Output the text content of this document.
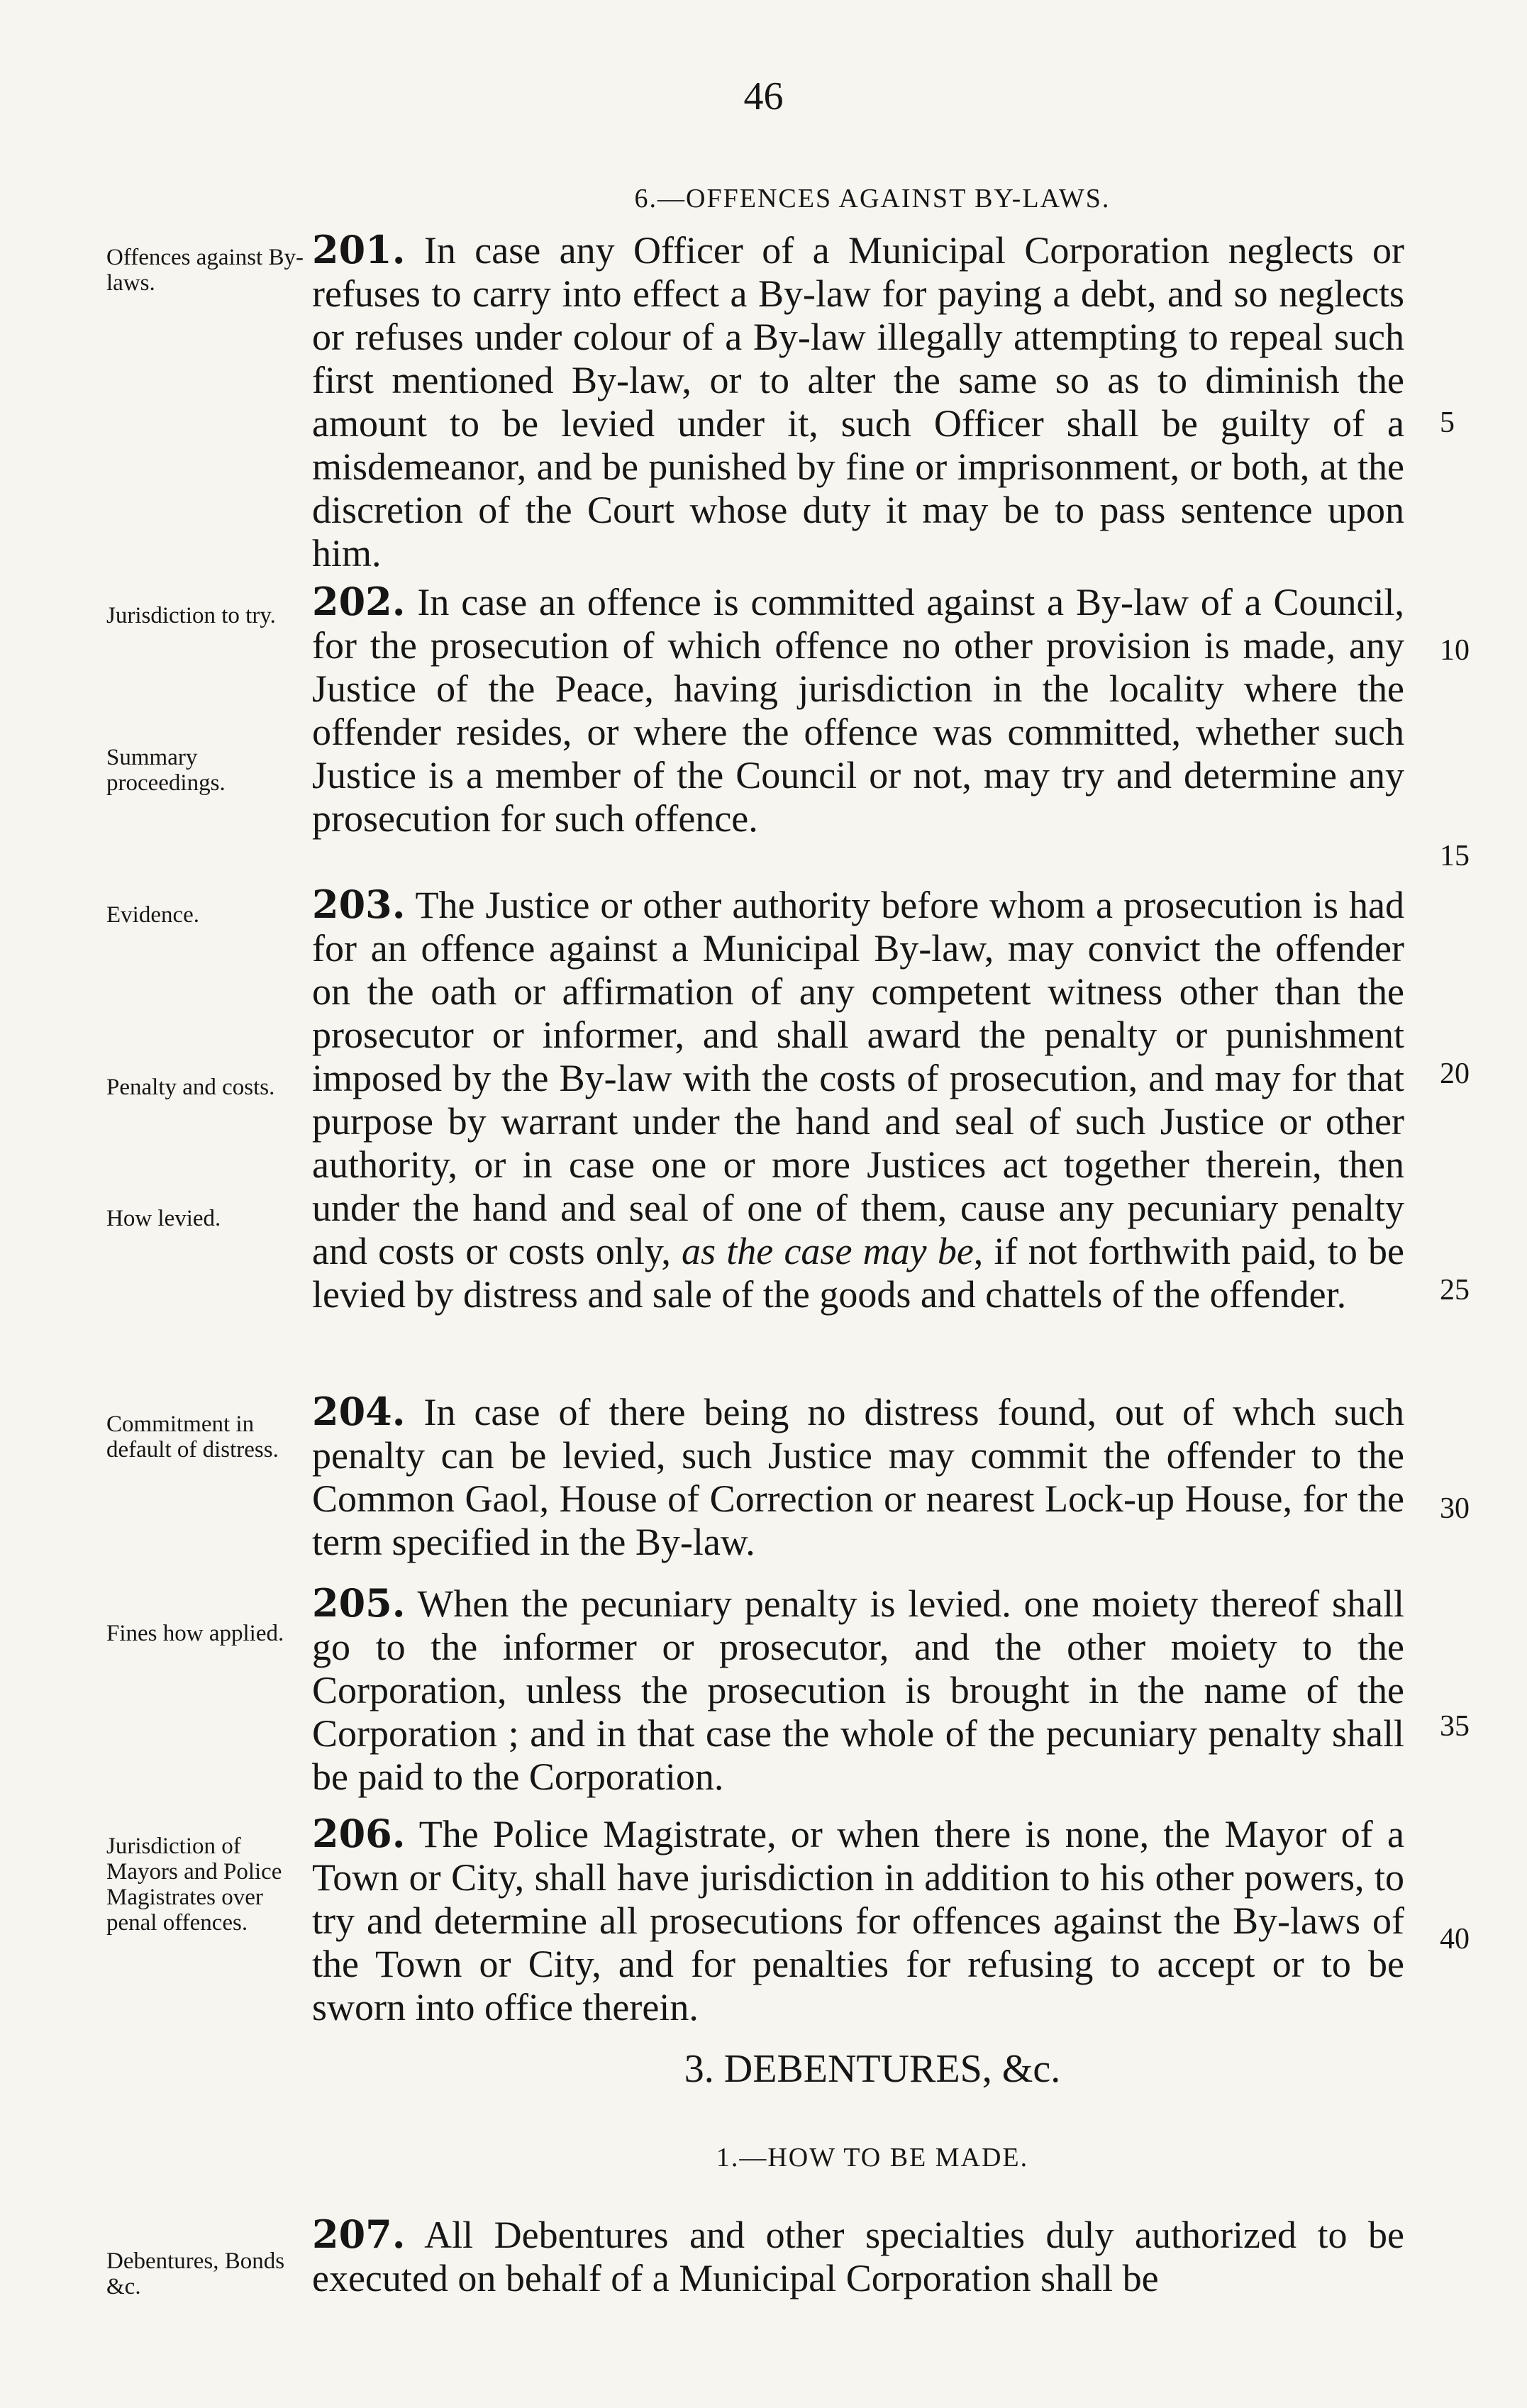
46
6.—OFFENCES AGAINST BY-LAWS.
Offences against By-laws.
Jurisdiction to try.
Summary proceedings.
Evidence.
Penalty and costs.
How levied.
Commitment in default of distress.
Fines how applied.
Jurisdiction of Mayors and Police Magistrates over penal offences.
Debentures, Bonds &c.

201. In case any Officer of a Municipal Corporation neglects or refuses to carry into effect a By-law for paying a debt, and so neglects or refuses under colour of a By-law illegally attempting to repeal such first mentioned By-law, or to alter the same so as to diminish the amount to be levied under it, such Officer shall be guilty of a misdemeanor, and be punished by fine or imprisonment, or both, at the discretion of the Court whose duty it may be to pass sentence upon him.

202. In case an offence is committed against a By-law of a Council, for the prosecution of which offence no other provision is made, any Justice of the Peace, having jurisdiction in the locality where the offender resides, or where the offence was committed, whether such Justice is a member of the Council or not, may try and determine any prosecution for such offence.

203. The Justice or other authority before whom a prosecution is had for an offence against a Municipal By-law, may convict the offender on the oath or affirmation of any competent witness other than the prosecutor or informer, and shall award the penalty or punishment imposed by the By-law with the costs of prosecution, and may for that purpose by warrant under the hand and seal of such Justice or other authority, or in case one or more Justices act together therein, then under the hand and seal of one of them, cause any pecuniary penalty and costs or costs only, as the case may be, if not forthwith paid, to be levied by distress and sale of the goods and chattels of the offender.

204. In case of there being no distress found, out of whch such penalty can be levied, such Justice may commit the offender to the Common Gaol, House of Correction or nearest Lock-up House, for the term specified in the By-law.

205. When the pecuniary penalty is levied. one moiety thereof shall go to the informer or prosecutor, and the other moiety to the Corporation, unless the prosecution is brought in the name of the Corporation ; and in that case the whole of the pecuniary penalty shall be paid to the Corporation.

206. The Police Magistrate, or when there is none, the Mayor of a Town or City, shall have jurisdiction in addition to his other powers, to try and determine all prosecutions for offences against the By-laws of the Town or City, and for penalties for refusing to accept or to be sworn into office therein.

3. DEBENTURES, &c.
1.—HOW TO BE MADE.

207. All Debentures and other specialties duly authorized to be executed on behalf of a Municipal Corporation shall be

5
10
15
20
25
30
35
40
